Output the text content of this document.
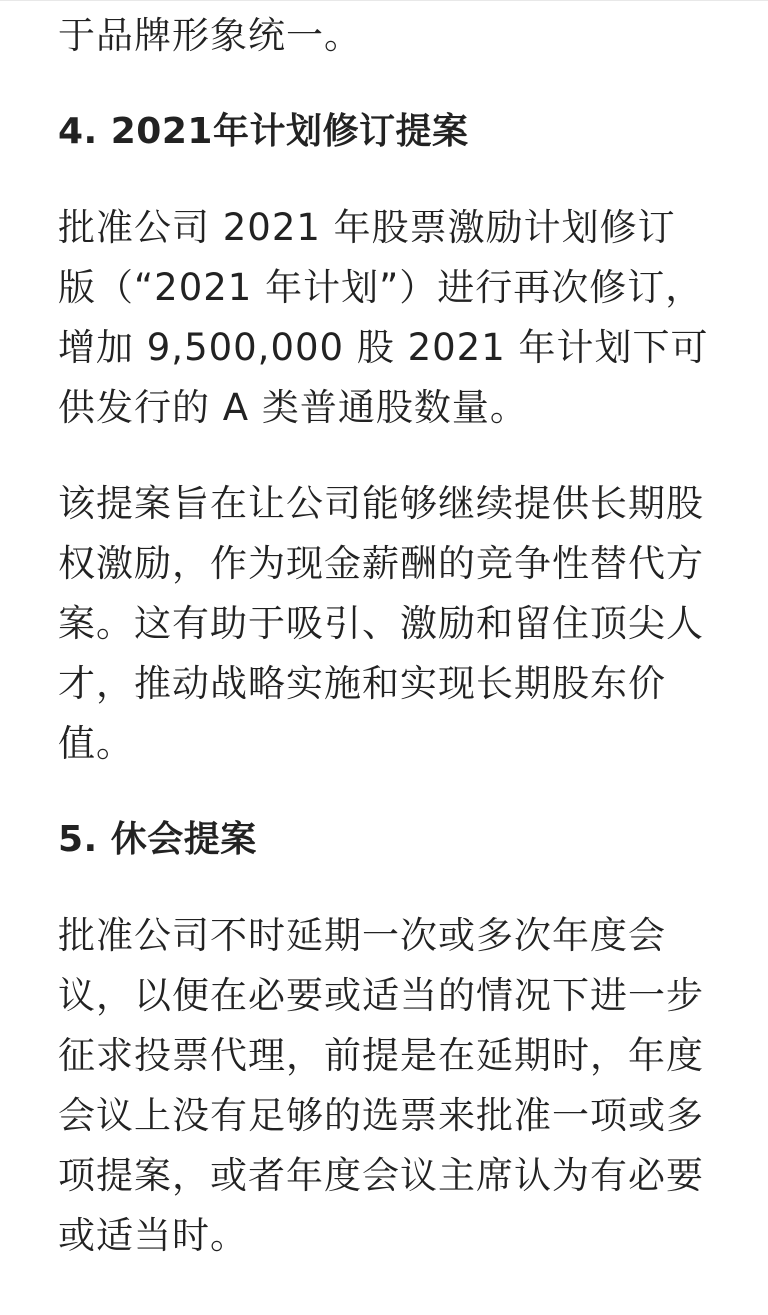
于品牌形象统一。

4. 2021年计划修订提案

批准公司 2021 年股票激励计划修订版（“2021 年计划”）进行再次修订，增加 9,500,000 股 2021 年计划下可供发行的 A 类普通股数量。

该提案旨在让公司能够继续提供长期股权激励，作为现金薪酬的竞争性替代方案。这有助于吸引、激励和留住顶尖人才，推动战略实施和实现长期股东价值。

5. 休会提案

批准公司不时延期一次或多次年度会议，以便在必要或适当的情况下进一步征求投票代理，前提是在延期时，年度会议上没有足够的选票来批准一项或多项提案，或者年度会议主席认为有必要或适当时。
